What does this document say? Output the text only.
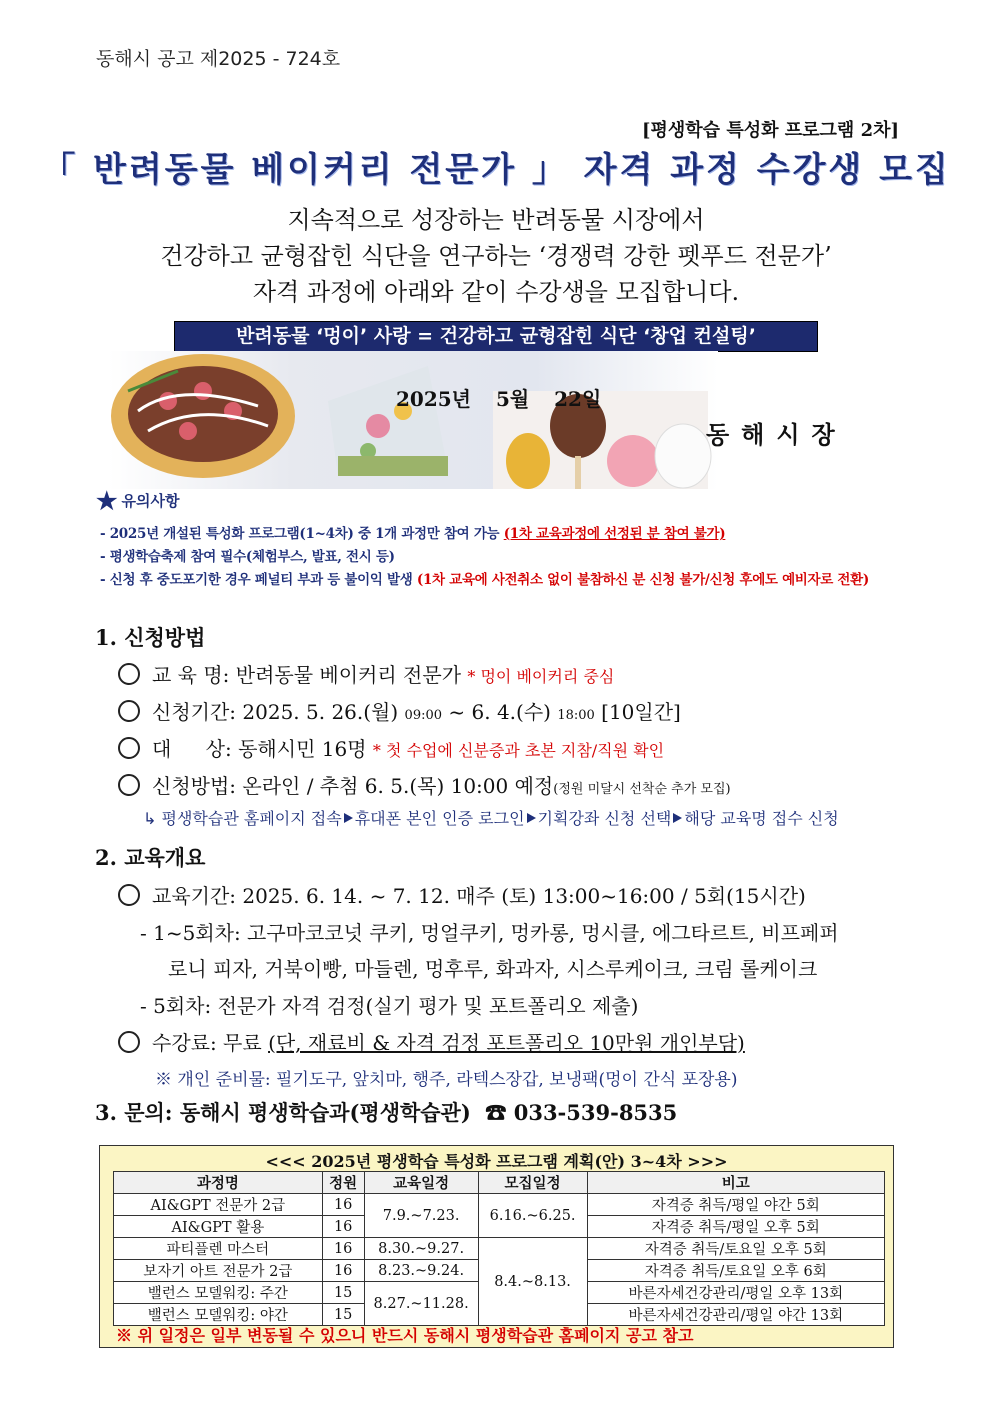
동해시 공고 제2025 - 724호
[평생학습 특성화 프로그램 2차]
「 반려동물 베이커리 전문가 」 자격 과정 수강생 모집
지속적으로 성장하는 반려동물 시장에서
건강하고 균형잡힌 식단을 연구하는 ‘경쟁력 강한 펫푸드 전문가’
자격 과정에 아래와 같이 수강생을 모집합니다.
반려동물 ‘멍이’ 사랑 = 건강하고 균형잡힌 식단 ‘창업 컨설팅’
2025년 5월 22일
동해시장
★ 유의사항
- 2025년 개설된 특성화 프로그램(1~4차) 중 1개 과정만 참여 가능 (1차 교육과정에 선정된 분 참여 불가)
- 평생학습축제 참여 필수(체험부스, 발표, 전시 등)
- 신청 후 중도포기한 경우 페널티 부과 등 불이익 발생 (1차 교육에 사전취소 없이 불참하신 분 신청 불가/신청 후에도 예비자로 전환)
1. 신청방법
교 육 명: 반려동물 베이커리 전문가 * 멍이 베이커리 중심
신청기간: 2025. 5. 26.(월) 09:00 ~ 6. 4.(수) 18:00 [10일간]
대 상: 동해시민 16명 * 첫 수업에 신분증과 초본 지참/직원 확인
신청방법: 온라인 / 추첨 6. 5.(목) 10:00 예정(정원 미달시 선착순 추가 모집)
↳ 평생학습관 홈페이지 접속 휴대폰 본인 인증 로그인 기획강좌 신청 선택 해당 교육명 접수 신청
2. 교육개요
교육기간: 2025. 6. 14. ~ 7. 12. 매주 (토) 13:00~16:00 / 5회(15시간)
- 1~5회차: 고구마코코넛 쿠키, 멍얼쿠키, 멍카롱, 멍시클, 에그타르트, 비프페퍼
로니 피자, 거북이빵, 마들렌, 멍후루, 화과자, 시스루케이크, 크림 롤케이크
- 5회차: 전문가 자격 검정(실기 평가 및 포트폴리오 제출)
수강료: 무료 (단, 재료비 & 자격 검정 포트폴리오 10만원 개인부담)
※ 개인 준비물: 필기도구, 앞치마, 행주, 라텍스장갑, 보냉팩(멍이 간식 포장용)
3. 문의: 동해시 평생학습과(평생학습관) ☎ 033-539-8535
<<< 2025년 평생학습 특성화 프로그램 계획(안) 3~4차 >>>
과정명	정원	교육일정	모집일정	비고
AI&GPT 전문가 2급	16	7.9.~7.23.	6.16.~6.25.	자격증 취득/평일 야간 5회
AI&GPT 활용	16			자격증 취득/평일 오후 5회
파티플렌 마스터	16	8.30.~9.27.	8.4.~8.13.	자격증 취득/토요일 오후 5회
보자기 아트 전문가 2급	16	8.23.~9.24.		자격증 취득/토요일 오후 6회
밸런스 모델워킹: 주간	15	8.27.~11.28.		바른자세건강관리/평일 오후 13회
밸런스 모델워킹: 야간	15			바른자세건강관리/평일 야간 13회
※ 위 일정은 일부 변동될 수 있으니 반드시 동해시 평생학습관 홈페이지 공고 참고
